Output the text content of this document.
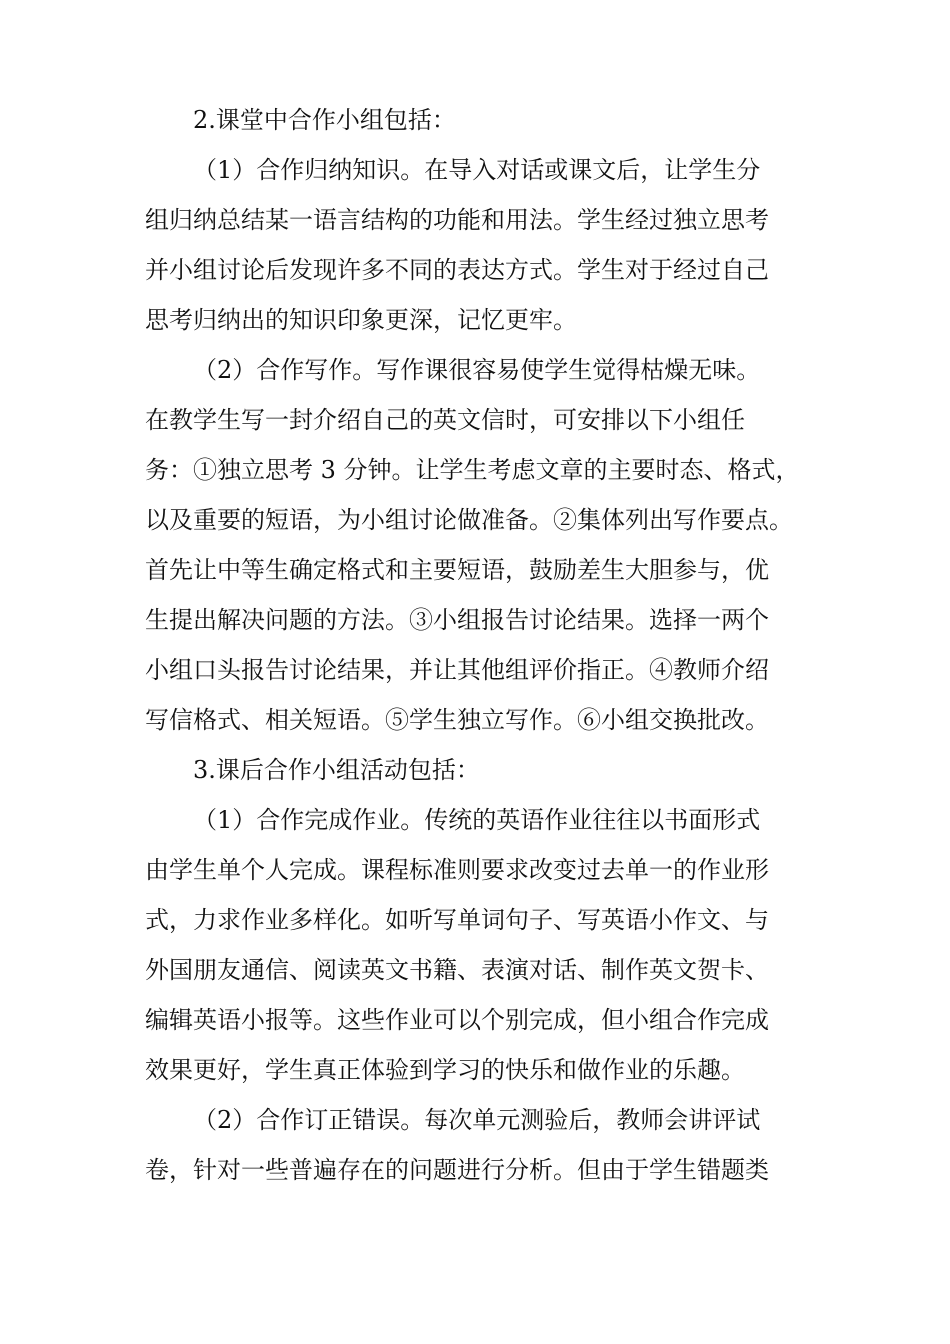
2.课堂中合作小组包括：
（1）合作归纳知识。在导入对话或课文后，让学生分
组归纳总结某一语言结构的功能和用法。学生经过独立思考
并小组讨论后发现许多不同的表达方式。学生对于经过自己
思考归纳出的知识印象更深，记忆更牢。
（2）合作写作。写作课很容易使学生觉得枯燥无味。
在教学生写一封介绍自己的英文信时，可安排以下小组任
务：①独立思考 3 分钟。让学生考虑文章的主要时态、格式，
以及重要的短语，为小组讨论做准备。②集体列出写作要点。
首先让中等生确定格式和主要短语，鼓励差生大胆参与，优
生提出解决问题的方法。③小组报告讨论结果。选择一两个
小组口头报告讨论结果，并让其他组评价指正。④教师介绍
写信格式、相关短语。⑤学生独立写作。⑥小组交换批改。
3.课后合作小组活动包括：
（1）合作完成作业。传统的英语作业往往以书面形式
由学生单个人完成。课程标准则要求改变过去单一的作业形
式，力求作业多样化。如听写单词句子、写英语小作文、与
外国朋友通信、阅读英文书籍、表演对话、制作英文贺卡、
编辑英语小报等。这些作业可以个别完成，但小组合作完成
效果更好，学生真正体验到学习的快乐和做作业的乐趣。
（2）合作订正错误。每次单元测验后，教师会讲评试
卷，针对一些普遍存在的问题进行分析。但由于学生错题类
